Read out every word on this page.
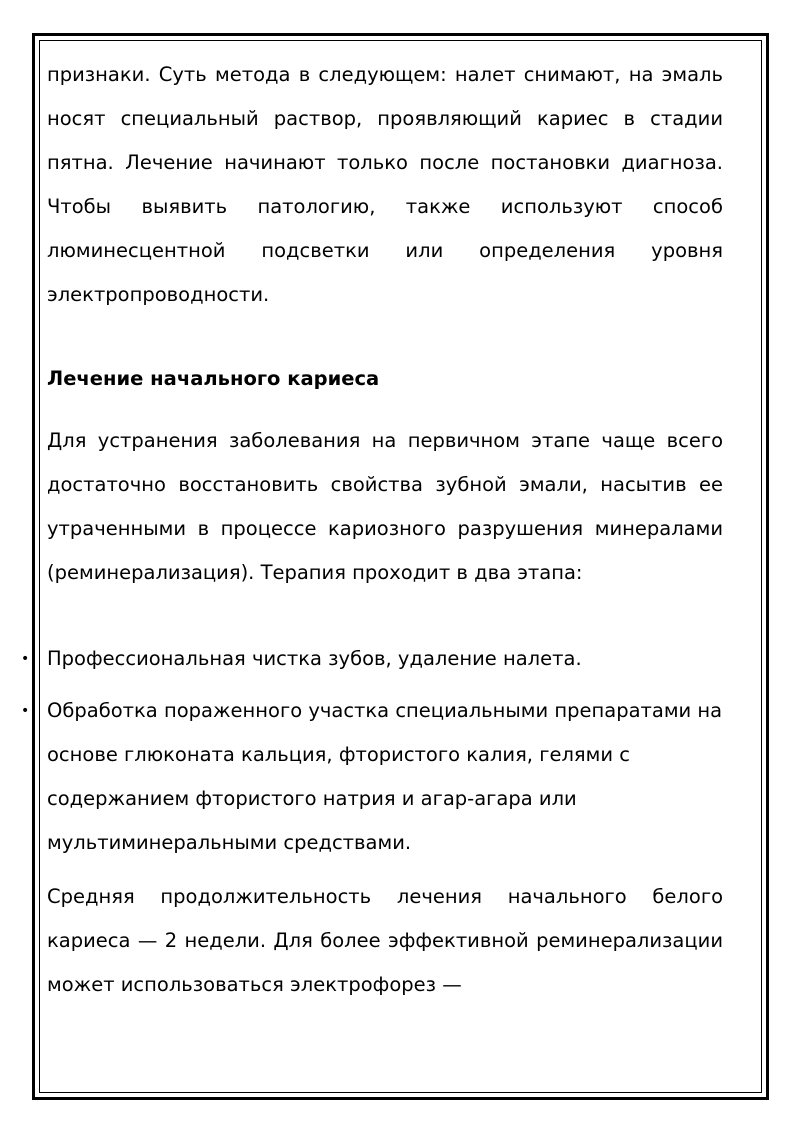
признаки. Суть метода в следующем: налет снимают, на эмаль носят специальный раствор, проявляющий кариес в стадии пятна. Лечение начинают только после постановки диагноза. Чтобы выявить патологию, также используют способ люминесцентной подсветки или определения уровня электропроводности.

Лечение начального кариеса

Для устранения заболевания на первичном этапе чаще всего достаточно восстановить свойства зубной эмали, насытив ее утраченными в процессе кариозного разрушения минералами (реминерализация). Терапия проходит в два этапа:

• Профессиональная чистка зубов, удаление налета.
• Обработка пораженного участка специальными препаратами на основе глюконата кальция, фтористого калия, гелями с содержанием фтористого натрия и агар-агара или мультиминеральными средствами.

Средняя продолжительность лечения начального белого кариеса — 2 недели. Для более эффективной реминерализации может использоваться электрофорез —
